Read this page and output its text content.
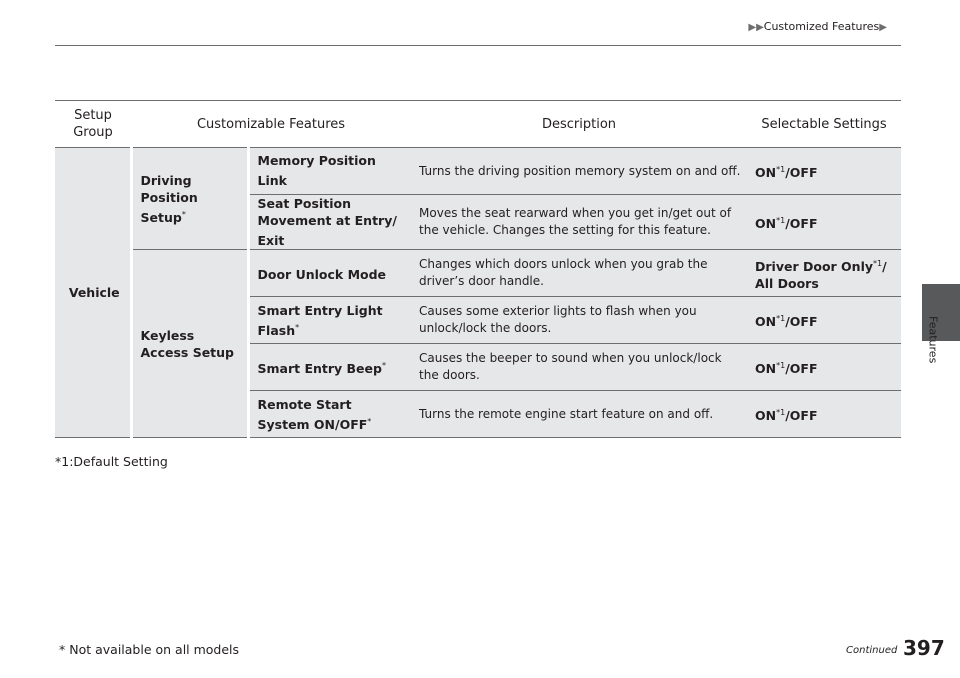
▶▶Customized Features▶
Features
Setup Group	Customizable Features		Description	Selectable Settings
Vehicle	Driving Position Setup*	Memory Position Link	Turns the driving position memory system on and off.	ON$^{*1}$/OFF
		Seat Position Movement at Entry/ Exit	Moves the seat rearward when you get in/get out of the vehicle. Changes the setting for this feature.	ON$^{*1}$/OFF
	Keyless Access Setup	Door Unlock Mode	Changes which doors unlock when you grab the driver’s door handle.	Driver Door Only$^{*1}$/
All Doors
		Smart Entry Light Flash*	Causes some exterior lights to flash when you unlock/lock the doors.	ON$^{*1}$/OFF
		Smart Entry Beep*	Causes the beeper to sound when you unlock/lock the doors.	ON$^{*1}$/OFF
		Remote Start System ON/OFF*	Turns the remote engine start feature on and off.	ON$^{*1}$/OFF
*1:Default Setting
* Not available on all models	Continued 397
